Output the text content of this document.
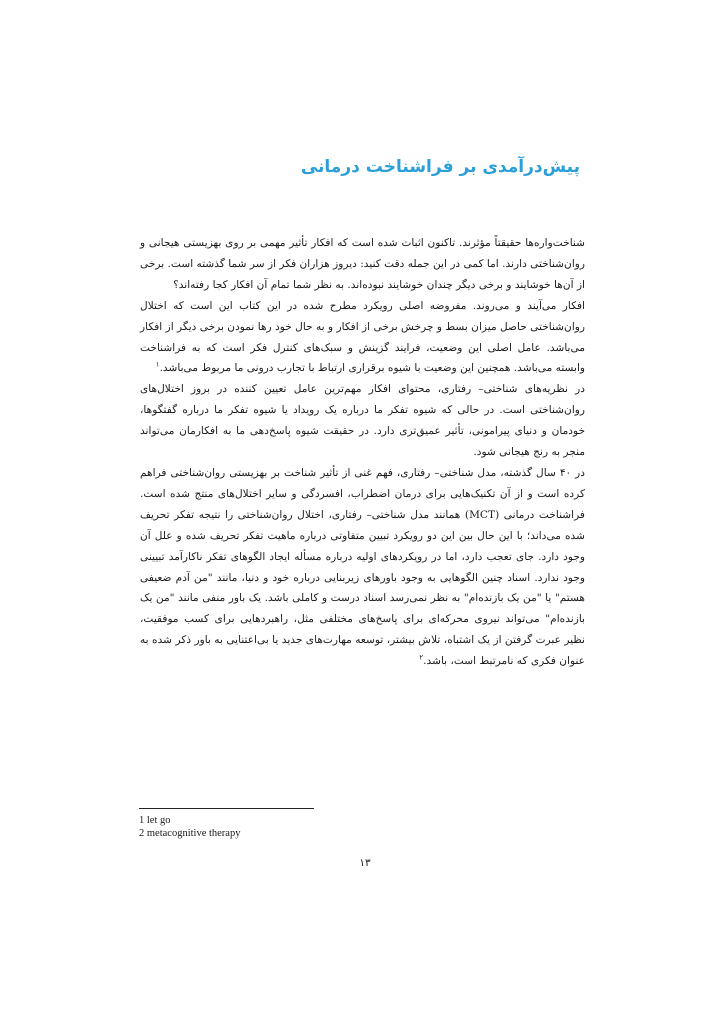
پیش‌درآمدی بر فراشناخت درمانی

شناخت‌واره‌ها حقیقتاً مؤثرند. تاکنون اثبات شده است که افکار تأثیر مهمی بر روی بهزیستی هیجانی و روان‌شناختی دارند. اما کمی در این جمله دقت کنید: دیروز هزاران فکر از سر شما گذشته است. برخی از آن‌ها خوشایند و برخی دیگر چندان خوشایند نبوده‌اند. به نظر شما تمام آن افکار کجا رفته‌اند؟

افکار می‌آیند و می‌روند. مفروضه اصلی رویکرد مطرح شده در این کتاب این است که اختلال روان‌شناختی حاصل میزان بسط و چرخش برخی از افکار و به حال خود رها نمودن برخی دیگر از افکار می‌باشد. عامل اصلی این وضعیت، فرایند گزینش و سبک‌های کنترل فکر است که به فراشناخت وابسته می‌باشد. همچنین این وضعیت با شیوه برقراری ارتباط با تجارب درونی ما مربوط می‌باشد.$^۱$

در نظریه‌های شناختی– رفتاری، محتوای افکار مهم‌ترین عامل تعیین کننده در بروز اختلال‌های روان‌شناختی است. در حالی که شیوه تفکر ما درباره یک رویداد یا شیوه تفکر ما درباره گفتگوها، خودمان و دنیای پیرامونی، تأثیر عمیق‌تری دارد. در حقیقت شیوه پاسخ‌دهی ما به افکارمان می‌تواند منجر به رنج هیجانی شود.

در ۴۰ سال گذشته، مدل شناختی– رفتاری، فهم غنی از تأثیر شناخت بر بهزیستی روان‌شناختی فراهم کرده است و از آن تکنیک‌هایی برای درمان اضطراب، افسردگی و سایر اختلال‌های منتج شده است. فراشناخت درمانی (MCT) همانند مدل شناختی– رفتاری، اختلال روان‌شناختی را نتیجه تفکر تحریف شده می‌داند؛ با این حال بین این دو رویکرد تبیین متفاوتی درباره ماهیت تفکر تحریف شده و علل آن وجود دارد. جای تعجب دارد، اما در رویکردهای اولیه درباره مسأله ایجاد الگوهای تفکر ناکارآمد تبیینی وجود ندارد. اسناد چنین الگوهایی به وجود باورهای زیربنایی درباره خود و دنیا، مانند "من آدم ضعیفی هستم" یا "من یک بازنده‌ام" به نظر نمی‌رسد اسناد درست و کاملی باشد. یک باور منفی مانند "من یک بازنده‌ام" می‌تواند نیروی محرکه‌ای برای پاسخ‌های مختلفی مثل، راهبردهایی برای کسب موفقیت، نظیر عبرت گرفتن از یک اشتباه، تلاش بیشتر، توسعه مهارت‌های جدید یا بی‌اعتنایی به باور ذکر شده به عنوان فکری که نامرتبط است، باشد.$^۲$

1 let go
2 metacognitive therapy
۱۳
